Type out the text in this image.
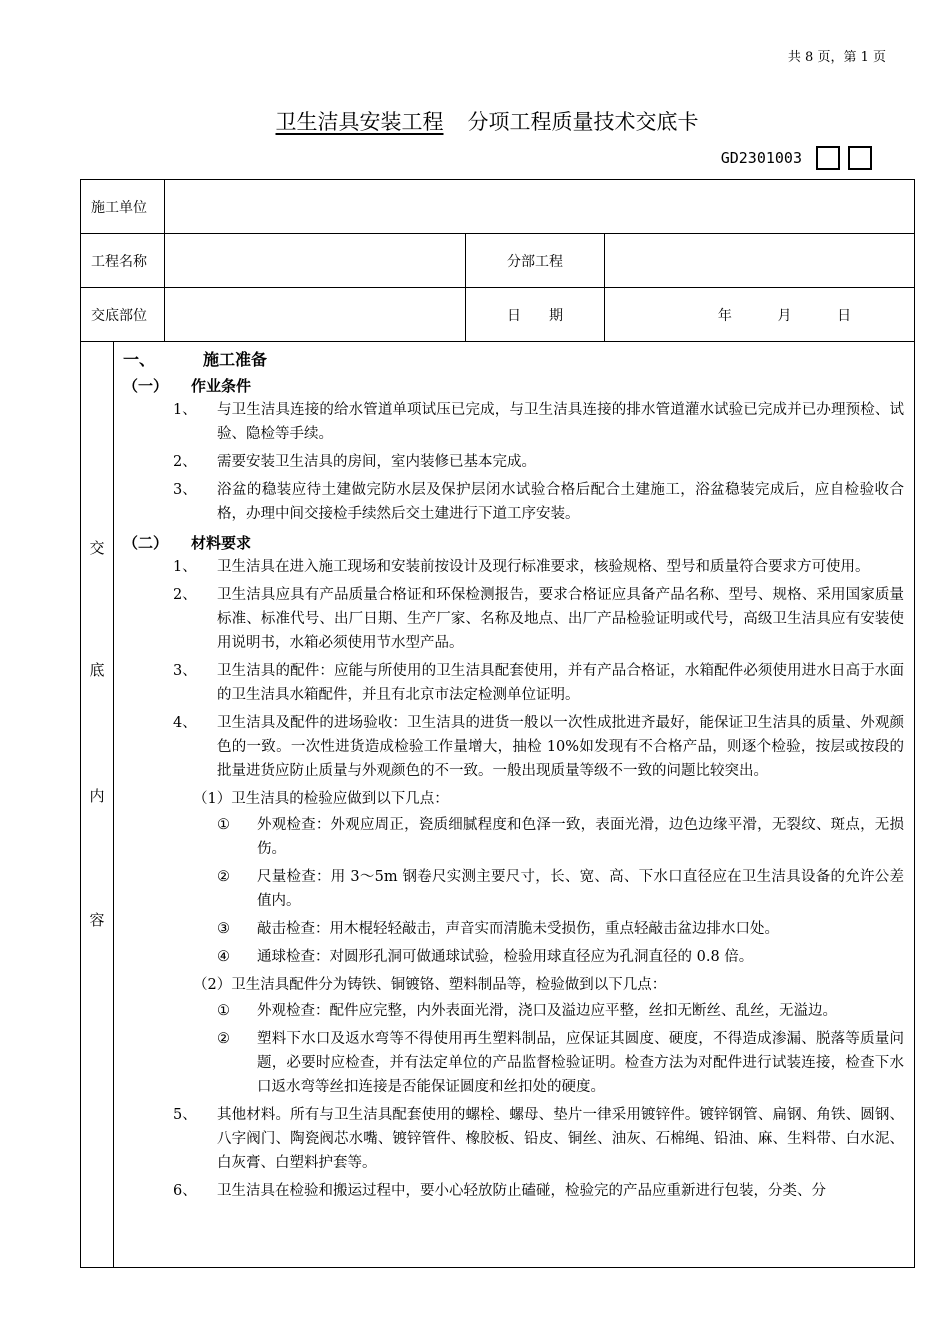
共 8 页，第 1 页
卫生洁具安装工程 分项工程质量技术交底卡
GD2301003
施工单位			
工程名称		分部工程	
交底部位		日　　期	年 月 日
交
底
内
容
一、	施工准备
（一）	作业条件
1、	与卫生洁具连接的给水管道单项试压已完成，与卫生洁具连接的排水管道灌水试验已完成并已办理预检、试验、隐检等手续。
2、	需要安装卫生洁具的房间，室内装修已基本完成。
3、	浴盆的稳装应待土建做完防水层及保护层闭水试验合格后配合土建施工，浴盆稳装完成后，应自检验收合格，办理中间交接检手续然后交土建进行下道工序安装。
（二）	材料要求
1、	卫生洁具在进入施工现场和安装前按设计及现行标准要求，核验规格、型号和质量符合要求方可使用。
2、	卫生洁具应具有产品质量合格证和环保检测报告，要求合格证应具备产品名称、型号、规格、采用国家质量标准、标准代号、出厂日期、生产厂家、名称及地点、出厂产品检验证明或代号，高级卫生洁具应有安装使用说明书，水箱必须使用节水型产品。
3、	卫生洁具的配件：应能与所使用的卫生洁具配套使用，并有产品合格证，水箱配件必须使用进水日高于水面的卫生洁具水箱配件，并且有北京市法定检测单位证明。
4、	卫生洁具及配件的进场验收：卫生洁具的进货一般以一次性成批进齐最好，能保证卫生洁具的质量、外观颜色的一致。一次性进货造成检验工作量增大，抽检 10%如发现有不合格产品，则逐个检验，按层或按段的批量进货应防止质量与外观颜色的不一致。一般出现质量等级不一致的问题比较突出。
（1）卫生洁具的检验应做到以下几点：
①	外观检查：外观应周正，瓷质细腻程度和色泽一致，表面光滑，边色边缘平滑，无裂纹、斑点，无损伤。
②	尺量检查：用 3～5m 钢卷尺实测主要尺寸，长、宽、高、下水口直径应在卫生洁具设备的允许公差值内。
③	敲击检查：用木棍轻轻敲击，声音实而清脆未受损伤，重点轻敲击盆边排水口处。
④	通球检查：对圆形孔洞可做通球试验，检验用球直径应为孔洞直径的 0.8 倍。
（2）卫生洁具配件分为铸铁、铜镀铬、塑料制品等，检验做到以下几点：
①	外观检查：配件应完整，内外表面光滑，浇口及溢边应平整，丝扣无断丝、乱丝，无溢边。
②	塑料下水口及返水弯等不得使用再生塑料制品，应保证其圆度、硬度，不得造成渗漏、脱落等质量问题，必要时应检查，并有法定单位的产品监督检验证明。检查方法为对配件进行试装连接，检查下水口返水弯等丝扣连接是否能保证圆度和丝扣处的硬度。
5、	其他材料。所有与卫生洁具配套使用的螺栓、螺母、垫片一律采用镀锌件。镀锌钢管、扁钢、角铁、圆钢、八字阀门、陶瓷阀芯水嘴、镀锌管件、橡胶板、铅皮、铜丝、油灰、石棉绳、铅油、麻、生料带、白水泥、白灰膏、白塑料护套等。
6、	卫生洁具在检验和搬运过程中，要小心轻放防止磕碰，检验完的产品应重新进行包装，分类、分
